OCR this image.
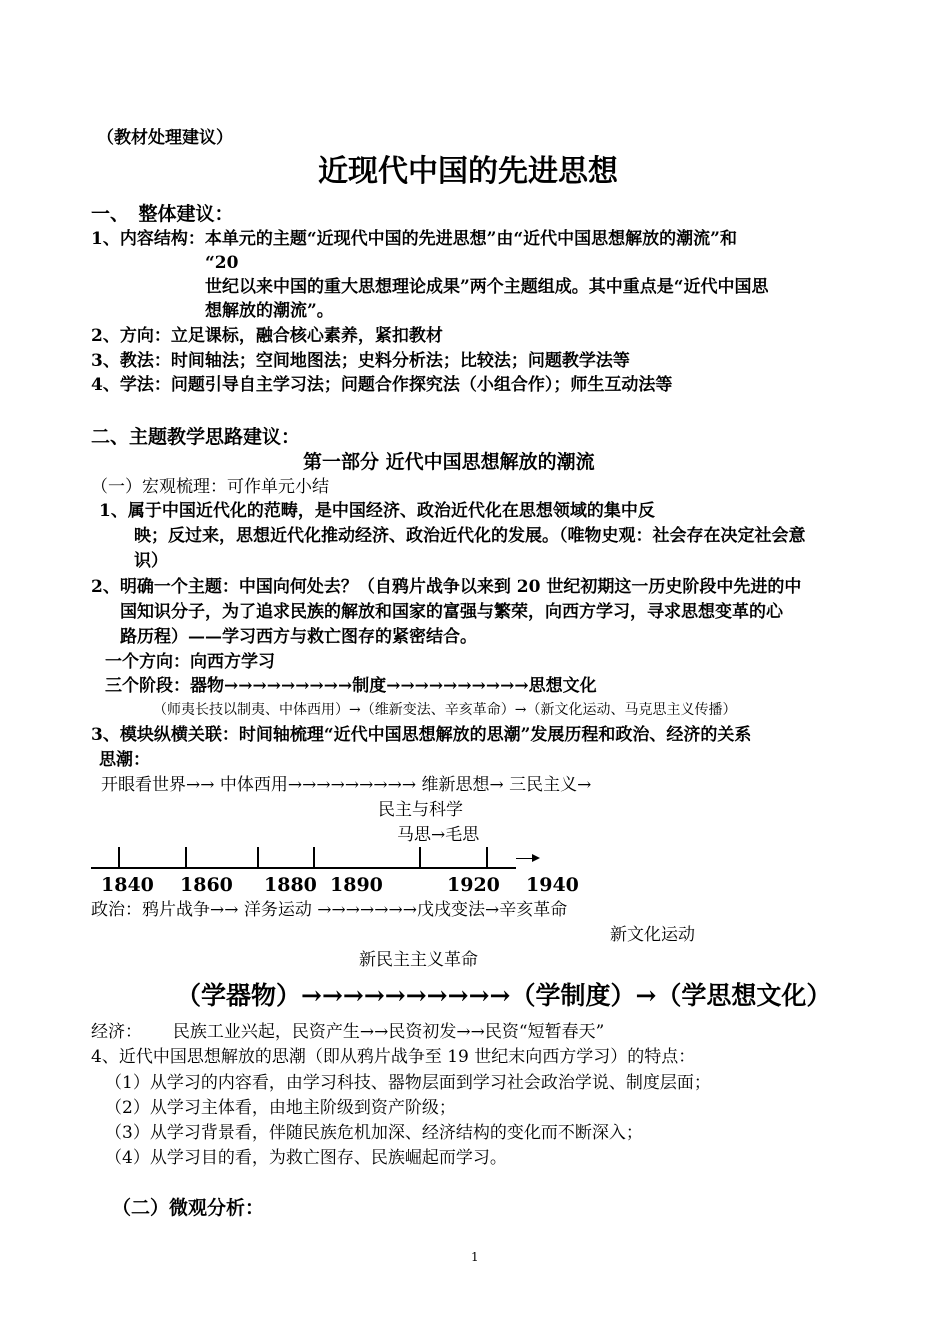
（教材处理建议）
近现代中国的先进思想
一、　整体建议：
1、内容结构：本单元的主题“近现代中国的先进思想”由“近代中国思想解放的潮流”和
“20
世纪以来中国的重大思想理论成果”两个主题组成。其中重点是“近代中国思
想解放的潮流”。
2、方向：立足课标，融合核心素养，紧扣教材
3、教法：时间轴法；空间地图法；史料分析法；比较法；问题教学法等
4、学法：问题引导自主学习法；问题合作探究法（小组合作）；师生互动法等
二、主题教学思路建议：
第一部分 近代中国思想解放的潮流
（一）宏观梳理：可作单元小结
1、属于中国近代化的范畴，是中国经济、政治近代化在思想领域的集中反
映；反过来，思想近代化推动经济、政治近代化的发展。（唯物史观：社会存在决定社会意
识）
2、明确一个主题：中国向何处去？（自鸦片战争以来到 20 世纪初期这一历史阶段中先进的中
国知识分子，为了追求民族的解放和国家的富强与繁荣，向西方学习，寻求思想变革的心
路历程）——学习西方与救亡图存的紧密结合。
一个方向：向西方学习
三个阶段：器物→→→→→→→→→制度→→→→→→→→→→思想文化
（师夷长技以制夷、中体西用）→（维新变法、辛亥革命）→（新文化运动、马克思主义传播）
3、模块纵横关联：时间轴梳理“近代中国思想解放的思潮”发展历程和政治、经济的关系
思潮：
开眼看世界→→ 中体西用→→→→→→→→→ 维新思想→ 三民主义→
民主与科学
马思→毛思
1840 1860 1880 1890	1920 1940
政治：鸦片战争→→ 洋务运动 →→→→→→→戊戌变法→辛亥革命
新文化运动
新民主主义革命
（学器物）→→→→→→→→→→（学制度）→（学思想文化）
经济：　　 民族工业兴起，民资产生→→民资初发→→民资“短暂春天”
4、近代中国思想解放的思潮（即从鸦片战争至 19 世纪末向西方学习）的特点：
（1）从学习的内容看，由学习科技、器物层面到学习社会政治学说、制度层面；
（2）从学习主体看，由地主阶级到资产阶级；
（3）从学习背景看，伴随民族危机加深、经济结构的变化而不断深入；
（4）从学习目的看，为救亡图存、民族崛起而学习。
（二）微观分析：
1
